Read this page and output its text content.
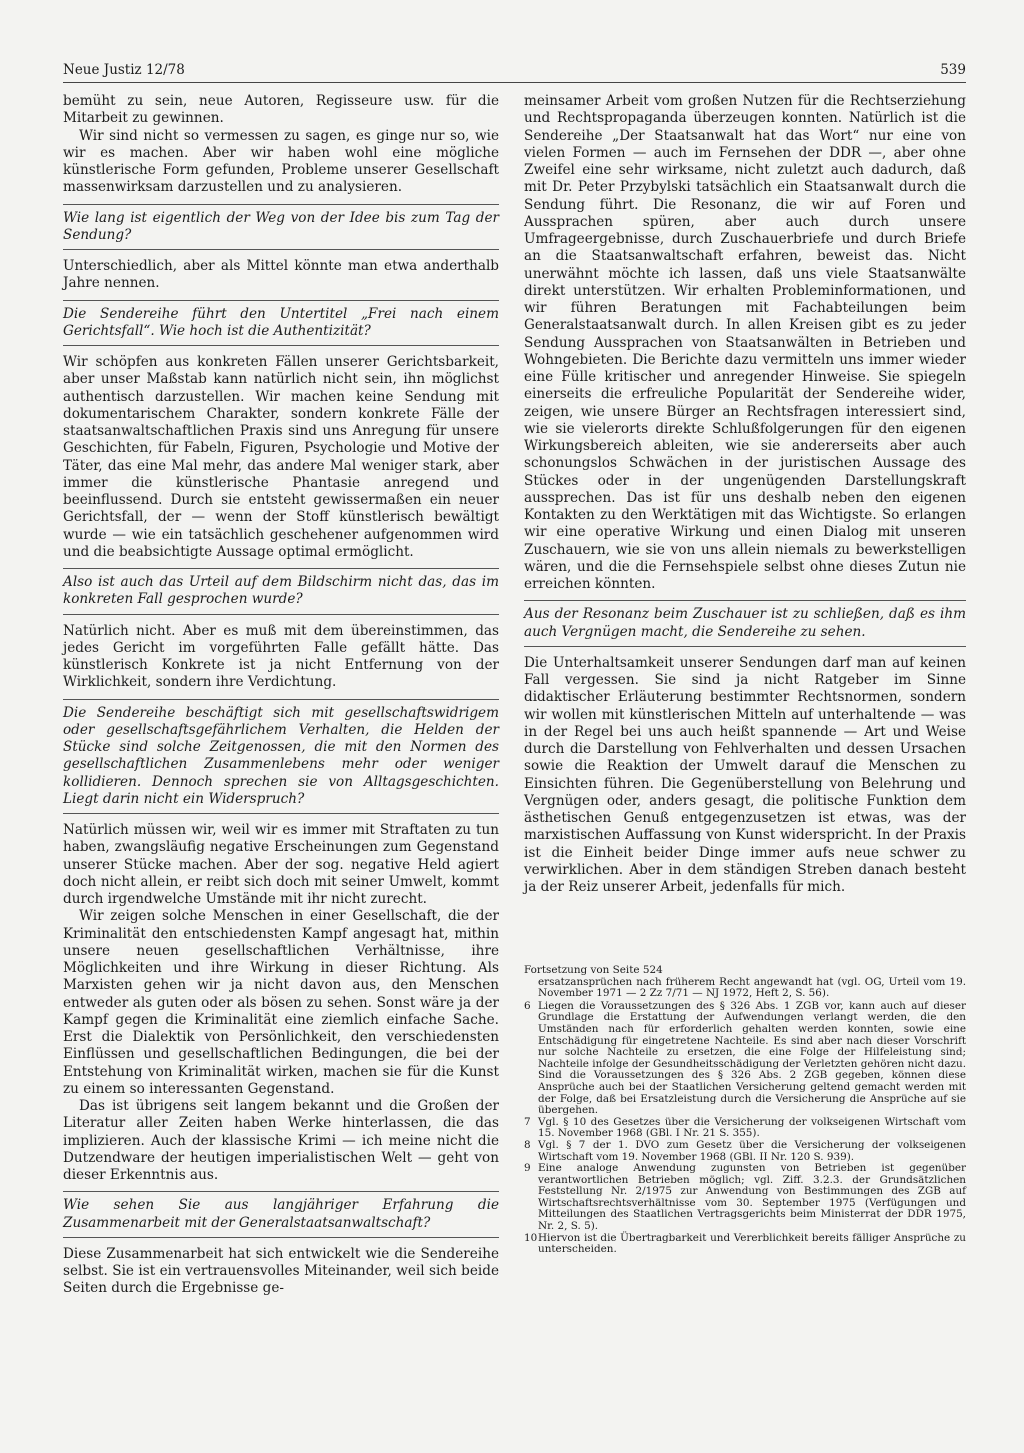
Neue Justiz 12/78	539

bemüht zu sein, neue Autoren, Regisseure usw. für die Mitarbeit zu gewinnen.

Wir sind nicht so vermessen zu sagen, es ginge nur so, wie wir es machen. Aber wir haben wohl eine mögliche künstlerische Form gefunden, Probleme unserer Gesellschaft massenwirksam darzustellen und zu analysieren.

Wie lang ist eigentlich der Weg von der Idee bis zum Tag der Sendung?

Unterschiedlich, aber als Mittel könnte man etwa anderthalb Jahre nennen.

Die Sendereihe führt den Untertitel „Frei nach einem Gerichtsfall“. Wie hoch ist die Authentizität?

Wir schöpfen aus konkreten Fällen unserer Gerichtsbarkeit, aber unser Maßstab kann natürlich nicht sein, ihn möglichst authentisch darzustellen. Wir machen keine Sendung mit dokumentarischem Charakter, sondern konkrete Fälle der staatsanwaltschaftlichen Praxis sind uns Anregung für unsere Geschichten, für Fabeln, Figuren, Psychologie und Motive der Täter, das eine Mal mehr, das andere Mal weniger stark, aber immer die künstlerische Phantasie anregend und beeinflussend. Durch sie entsteht gewissermaßen ein neuer Gerichtsfall, der — wenn der Stoff künstlerisch bewältigt wurde — wie ein tatsächlich geschehener aufgenommen wird und die beabsichtigte Aussage optimal ermöglicht.

Also ist auch das Urteil auf dem Bildschirm nicht das, das im konkreten Fall gesprochen wurde?

Natürlich nicht. Aber es muß mit dem übereinstimmen, das jedes Gericht im vorgeführten Falle gefällt hätte. Das künstlerisch Konkrete ist ja nicht Entfernung von der Wirklichkeit, sondern ihre Verdichtung.

Die Sendereihe beschäftigt sich mit gesellschaftswidrigem oder gesellschaftsgefährlichem Verhalten, die Helden der Stücke sind solche Zeitgenossen, die mit den Normen des gesellschaftlichen Zusammenlebens mehr oder weniger kollidieren. Dennoch sprechen sie von Alltagsgeschichten. Liegt darin nicht ein Widerspruch?

Natürlich müssen wir, weil wir es immer mit Straftaten zu tun haben, zwangsläufig negative Erscheinungen zum Gegenstand unserer Stücke machen. Aber der sog. negative Held agiert doch nicht allein, er reibt sich doch mit seiner Umwelt, kommt durch irgendwelche Umstände mit ihr nicht zurecht.

Wir zeigen solche Menschen in einer Gesellschaft, die der Kriminalität den entschiedensten Kampf angesagt hat, mithin unsere neuen gesellschaftlichen Verhältnisse, ihre Möglichkeiten und ihre Wirkung in dieser Richtung. Als Marxisten gehen wir ja nicht davon aus, den Menschen entweder als guten oder als bösen zu sehen. Sonst wäre ja der Kampf gegen die Kriminalität eine ziemlich einfache Sache. Erst die Dialektik von Persönlichkeit, den verschiedensten Einflüssen und gesellschaftlichen Bedingungen, die bei der Entstehung von Kriminalität wirken, machen sie für die Kunst zu einem so interessanten Gegenstand.

Das ist übrigens seit langem bekannt und die Großen der Literatur aller Zeiten haben Werke hinterlassen, die das implizieren. Auch der klassische Krimi — ich meine nicht die Dutzendware der heutigen imperialistischen Welt — geht von dieser Erkenntnis aus.

Wie sehen Sie aus langjähriger Erfahrung die Zusammenarbeit mit der Generalstaatsanwaltschaft?

Diese Zusammenarbeit hat sich entwickelt wie die Sendereihe selbst. Sie ist ein vertrauensvolles Miteinander, weil sich beide Seiten durch die Ergebnisse ge-

meinsamer Arbeit vom großen Nutzen für die Rechtserziehung und Rechtspropaganda überzeugen konnten. Natürlich ist die Sendereihe „Der Staatsanwalt hat das Wort“ nur eine von vielen Formen — auch im Fernsehen der DDR —, aber ohne Zweifel eine sehr wirksame, nicht zuletzt auch dadurch, daß mit Dr. Peter Przybylski tatsächlich ein Staatsanwalt durch die Sendung führt. Die Resonanz, die wir auf Foren und Aussprachen spüren, aber auch durch unsere Umfrageergebnisse, durch Zuschauerbriefe und durch Briefe an die Staatsanwaltschaft erfahren, beweist das. Nicht unerwähnt möchte ich lassen, daß uns viele Staatsanwälte direkt unterstützen. Wir erhalten Probleminformationen, und wir führen Beratungen mit Fachabteilungen beim Generalstaatsanwalt durch. In allen Kreisen gibt es zu jeder Sendung Aussprachen von Staatsanwälten in Betrieben und Wohngebieten. Die Berichte dazu vermitteln uns immer wieder eine Fülle kritischer und anregender Hinweise. Sie spiegeln einerseits die erfreuliche Popularität der Sendereihe wider, zeigen, wie unsere Bürger an Rechtsfragen interessiert sind, wie sie vielerorts direkte Schlußfolgerungen für den eigenen Wirkungsbereich ableiten, wie sie andererseits aber auch schonungslos Schwächen in der juristischen Aussage des Stückes oder in der ungenügenden Darstellungskraft aussprechen. Das ist für uns deshalb neben den eigenen Kontakten zu den Werktätigen mit das Wichtigste. So erlangen wir eine operative Wirkung und einen Dialog mit unseren Zuschauern, wie sie von uns allein niemals zu bewerkstelligen wären, und die die Fernsehspiele selbst ohne dieses Zutun nie erreichen könnten.

Aus der Resonanz beim Zuschauer ist zu schließen, daß es ihm auch Vergnügen macht, die Sendereihe zu sehen.

Die Unterhaltsamkeit unserer Sendungen darf man auf keinen Fall vergessen. Sie sind ja nicht Ratgeber im Sinne didaktischer Erläuterung bestimmter Rechtsnormen, sondern wir wollen mit künstlerischen Mitteln auf unterhaltende — was in der Regel bei uns auch heißt spannende — Art und Weise durch die Darstellung von Fehlverhalten und dessen Ursachen sowie die Reaktion der Umwelt darauf die Menschen zu Einsichten führen. Die Gegenüberstellung von Belehrung und Vergnügen oder, anders gesagt, die politische Funktion dem ästhetischen Genuß entgegenzusetzen ist etwas, was der marxistischen Auffassung von Kunst widerspricht. In der Praxis ist die Einheit beider Dinge immer aufs neue schwer zu verwirklichen. Aber in dem ständigen Streben danach besteht ja der Reiz unserer Arbeit, jedenfalls für mich.

Fortsetzung von Seite 524
ersatzansprüchen nach früherem Recht angewandt hat (vgl. OG, Urteil vom 19. November 1971 — 2 Zz 7/71 — NJ 1972, Heft 2, S. 56).
6 Liegen die Voraussetzungen des § 326 Abs. 1 ZGB vor, kann auch auf dieser Grundlage die Erstattung der Aufwendungen verlangt werden, die den Umständen nach für erforderlich gehalten werden konnten, sowie eine Entschädigung für eingetretene Nachteile. Es sind aber nach dieser Vorschrift nur solche Nachteile zu ersetzen, die eine Folge der Hilfeleistung sind; Nachteile infolge der Gesundheitsschädigung der Verletzten gehören nicht dazu. Sind die Voraussetzungen des § 326 Abs. 2 ZGB gegeben, können diese Ansprüche auch bei der Staatlichen Versicherung geltend gemacht werden mit der Folge, daß bei Ersatzleistung durch die Versicherung die Ansprüche auf sie übergehen.
7 Vgl. § 10 des Gesetzes über die Versicherung der volkseigenen Wirtschaft vom 15. November 1968 (GBl. I Nr. 21 S. 355).
8 Vgl. § 7 der 1. DVO zum Gesetz über die Versicherung der volkseigenen Wirtschaft vom 19. November 1968 (GBl. II Nr. 120 S. 939).
9 Eine analoge Anwendung zugunsten von Betrieben ist gegenüber verantwortlichen Betrieben möglich; vgl. Ziff. 3.2.3. der Grundsätzlichen Feststellung Nr. 2/1975 zur Anwendung von Bestimmungen des ZGB auf Wirtschaftsrechtsverhältnisse vom 30. September 1975 (Verfügungen und Mitteilungen des Staatlichen Vertragsgerichts beim Ministerrat der DDR 1975, Nr. 2, S. 5).
10 Hiervon ist die Übertragbarkeit und Vererblichkeit bereits fälliger Ansprüche zu unterscheiden.
